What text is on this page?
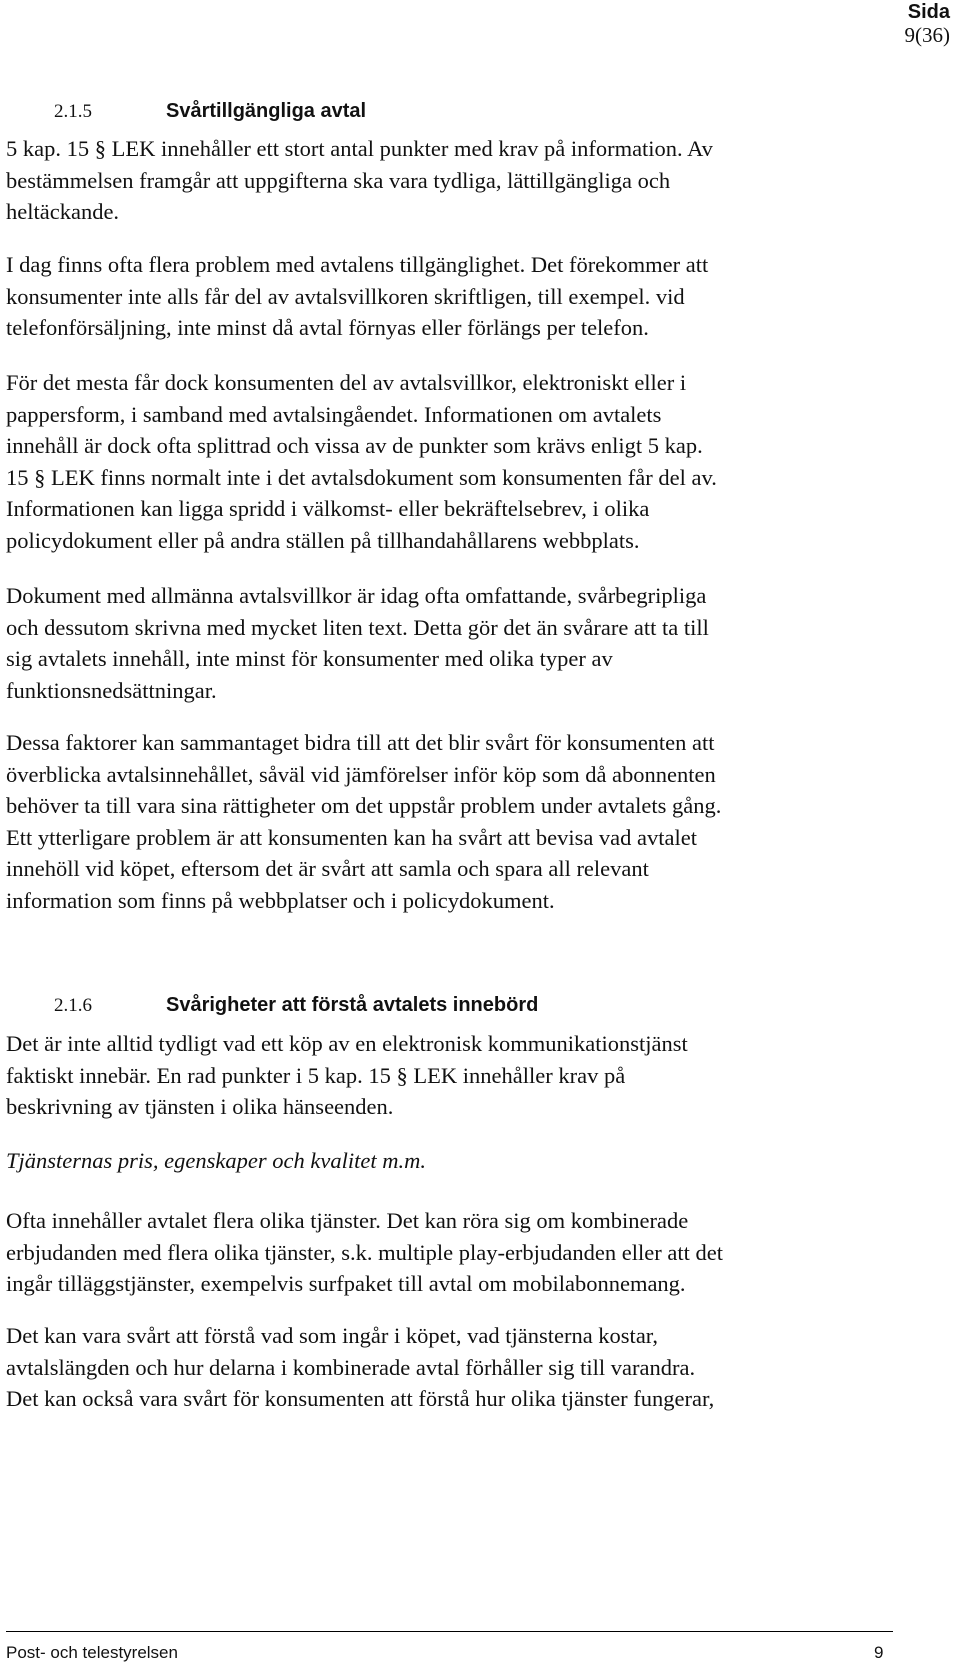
Sida
9(36)
2.1.5	Svårtillgängliga avtal

5 kap. 15 § LEK innehåller ett stort antal punkter med krav på information. Av
bestämmelsen framgår att uppgifterna ska vara tydliga, lättillgängliga och
heltäckande.

I dag finns ofta flera problem med avtalens tillgänglighet. Det förekommer att
konsumenter inte alls får del av avtalsvillkoren skriftligen, till exempel. vid
telefonförsäljning, inte minst då avtal förnyas eller förlängs per telefon.

För det mesta får dock konsumenten del av avtalsvillkor, elektroniskt eller i
pappersform, i samband med avtalsingåendet. Informationen om avtalets
innehåll är dock ofta splittrad och vissa av de punkter som krävs enligt 5 kap.
15 § LEK finns normalt inte i det avtalsdokument som konsumenten får del av.
Informationen kan ligga spridd i välkomst- eller bekräftelsebrev, i olika
policydokument eller på andra ställen på tillhandahållarens webbplats.

Dokument med allmänna avtalsvillkor är idag ofta omfattande, svårbegripliga
och dessutom skrivna med mycket liten text. Detta gör det än svårare att ta till
sig avtalets innehåll, inte minst för konsumenter med olika typer av
funktionsnedsättningar.

Dessa faktorer kan sammantaget bidra till att det blir svårt för konsumenten att
överblicka avtalsinnehållet, såväl vid jämförelser inför köp som då abonnenten
behöver ta till vara sina rättigheter om det uppstår problem under avtalets gång.
Ett ytterligare problem är att konsumenten kan ha svårt att bevisa vad avtalet
innehöll vid köpet, eftersom det är svårt att samla och spara all relevant
information som finns på webbplatser och i policydokument.

2.1.6	Svårigheter att förstå avtalets innebörd

Det är inte alltid tydligt vad ett köp av en elektronisk kommunikationstjänst
faktiskt innebär. En rad punkter i 5 kap. 15 § LEK innehåller krav på
beskrivning av tjänsten i olika hänseenden.

Tjänsternas pris, egenskaper och kvalitet m.m.

Ofta innehåller avtalet flera olika tjänster. Det kan röra sig om kombinerade
erbjudanden med flera olika tjänster, s.k. multiple play-erbjudanden eller att det
ingår tilläggstjänster, exempelvis surfpaket till avtal om mobilabonnemang.

Det kan vara svårt att förstå vad som ingår i köpet, vad tjänsterna kostar,
avtalslängden och hur delarna i kombinerade avtal förhåller sig till varandra.
Det kan också vara svårt för konsumenten att förstå hur olika tjänster fungerar,

Post- och telestyrelsen	9
